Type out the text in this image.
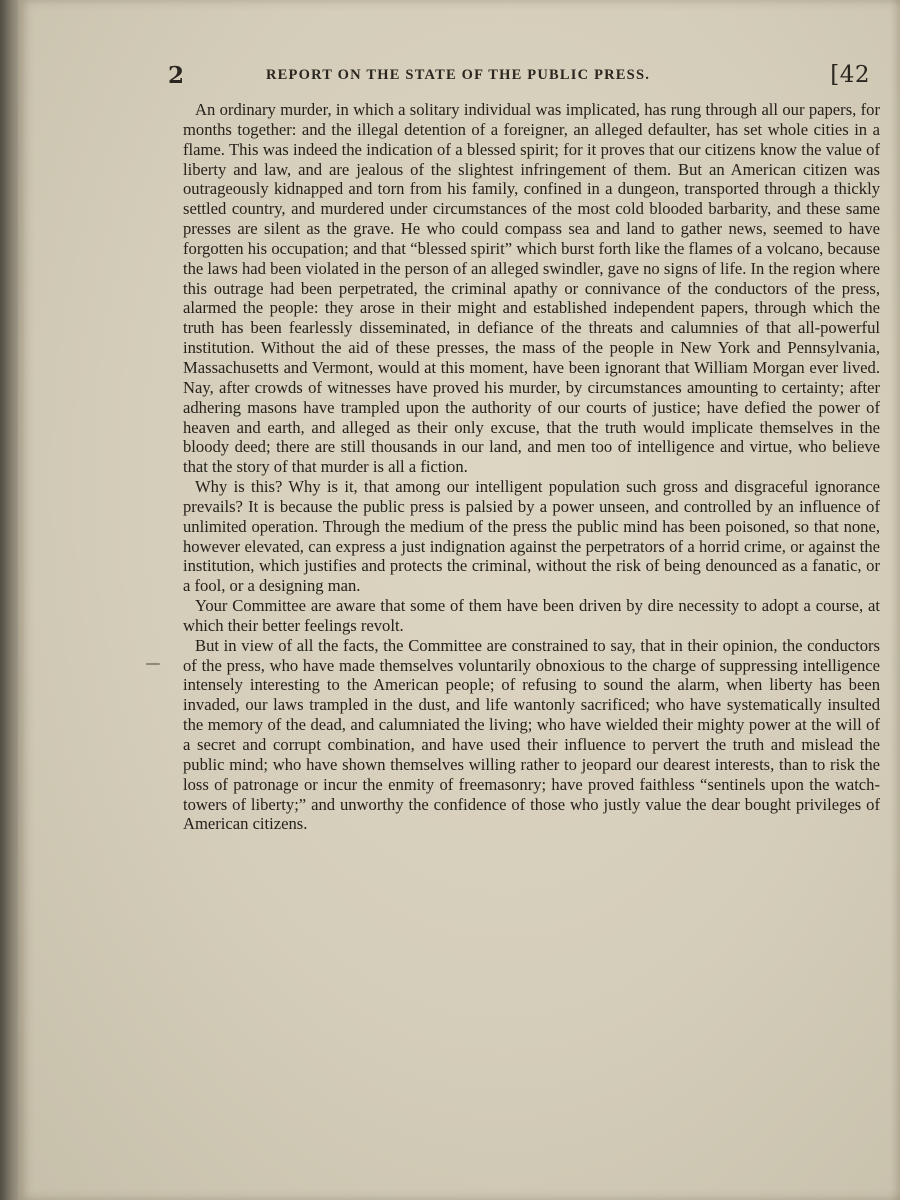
2	REPORT ON THE STATE OF THE PUBLIC PRESS.	[42

An ordinary murder, in which a solitary individual was implicated, has rung through all our papers, for months together: and the illegal detention of a foreigner, an alleged defaulter, has set whole cities in a flame. This was indeed the indication of a blessed spirit; for it proves that our citizens know the value of liberty and law, and are jealous of the slightest infringement of them. But an American citizen was outrageously kidnapped and torn from his family, confined in a dungeon, transported through a thickly settled country, and murdered under circumstances of the most cold blooded barbarity, and these same presses are silent as the grave. He who could compass sea and land to gather news, seemed to have forgotten his occupation; and that “blessed spirit” which burst forth like the flames of a volcano, because the laws had been violated in the person of an alleged swindler, gave no signs of life. In the region where this outrage had been perpetrated, the criminal apathy or connivance of the conductors of the press, alarmed the people: they arose in their might and established independent papers, through which the truth has been fearlessly disseminated, in defiance of the threats and calumnies of that all-powerful institution. Without the aid of these presses, the mass of the people in New York and Pennsylvania, Massachusetts and Vermont, would at this moment, have been ignorant that William Morgan ever lived. Nay, after crowds of witnesses have proved his murder, by circumstances amounting to certainty; after adhering masons have trampled upon the authority of our courts of justice; have defied the power of heaven and earth, and alleged as their only excuse, that the truth would implicate themselves in the bloody deed; there are still thousands in our land, and men too of intelligence and virtue, who believe that the story of that murder is all a fiction.

Why is this? Why is it, that among our intelligent population such gross and disgraceful ignorance prevails? It is because the public press is palsied by a power unseen, and controlled by an influence of unlimited operation. Through the medium of the press the public mind has been poisoned, so that none, however elevated, can express a just indignation against the perpetrators of a horrid crime, or against the institution, which justifies and protects the criminal, without the risk of being denounced as a fanatic, or a fool, or a designing man.

Your Committee are aware that some of them have been driven by dire necessity to adopt a course, at which their better feelings revolt.

But in view of all the facts, the Committee are constrained to say, that in their opinion, the conductors of the press, who have made themselves voluntarily obnoxious to the charge of suppressing intelligence intensely interesting to the American people; of refusing to sound the alarm, when liberty has been invaded, our laws trampled in the dust, and life wantonly sacrificed; who have systematically insulted the memory of the dead, and calumniated the living; who have wielded their mighty power at the will of a secret and corrupt combination, and have used their influence to pervert the truth and mislead the public mind; who have shown themselves willing rather to jeopard our dearest interests, than to risk the loss of patronage or incur the enmity of freemasonry; have proved faithless “sentinels upon the watch-towers of liberty;” and unworthy the confidence of those who justly value the dear bought privileges of American citizens.
